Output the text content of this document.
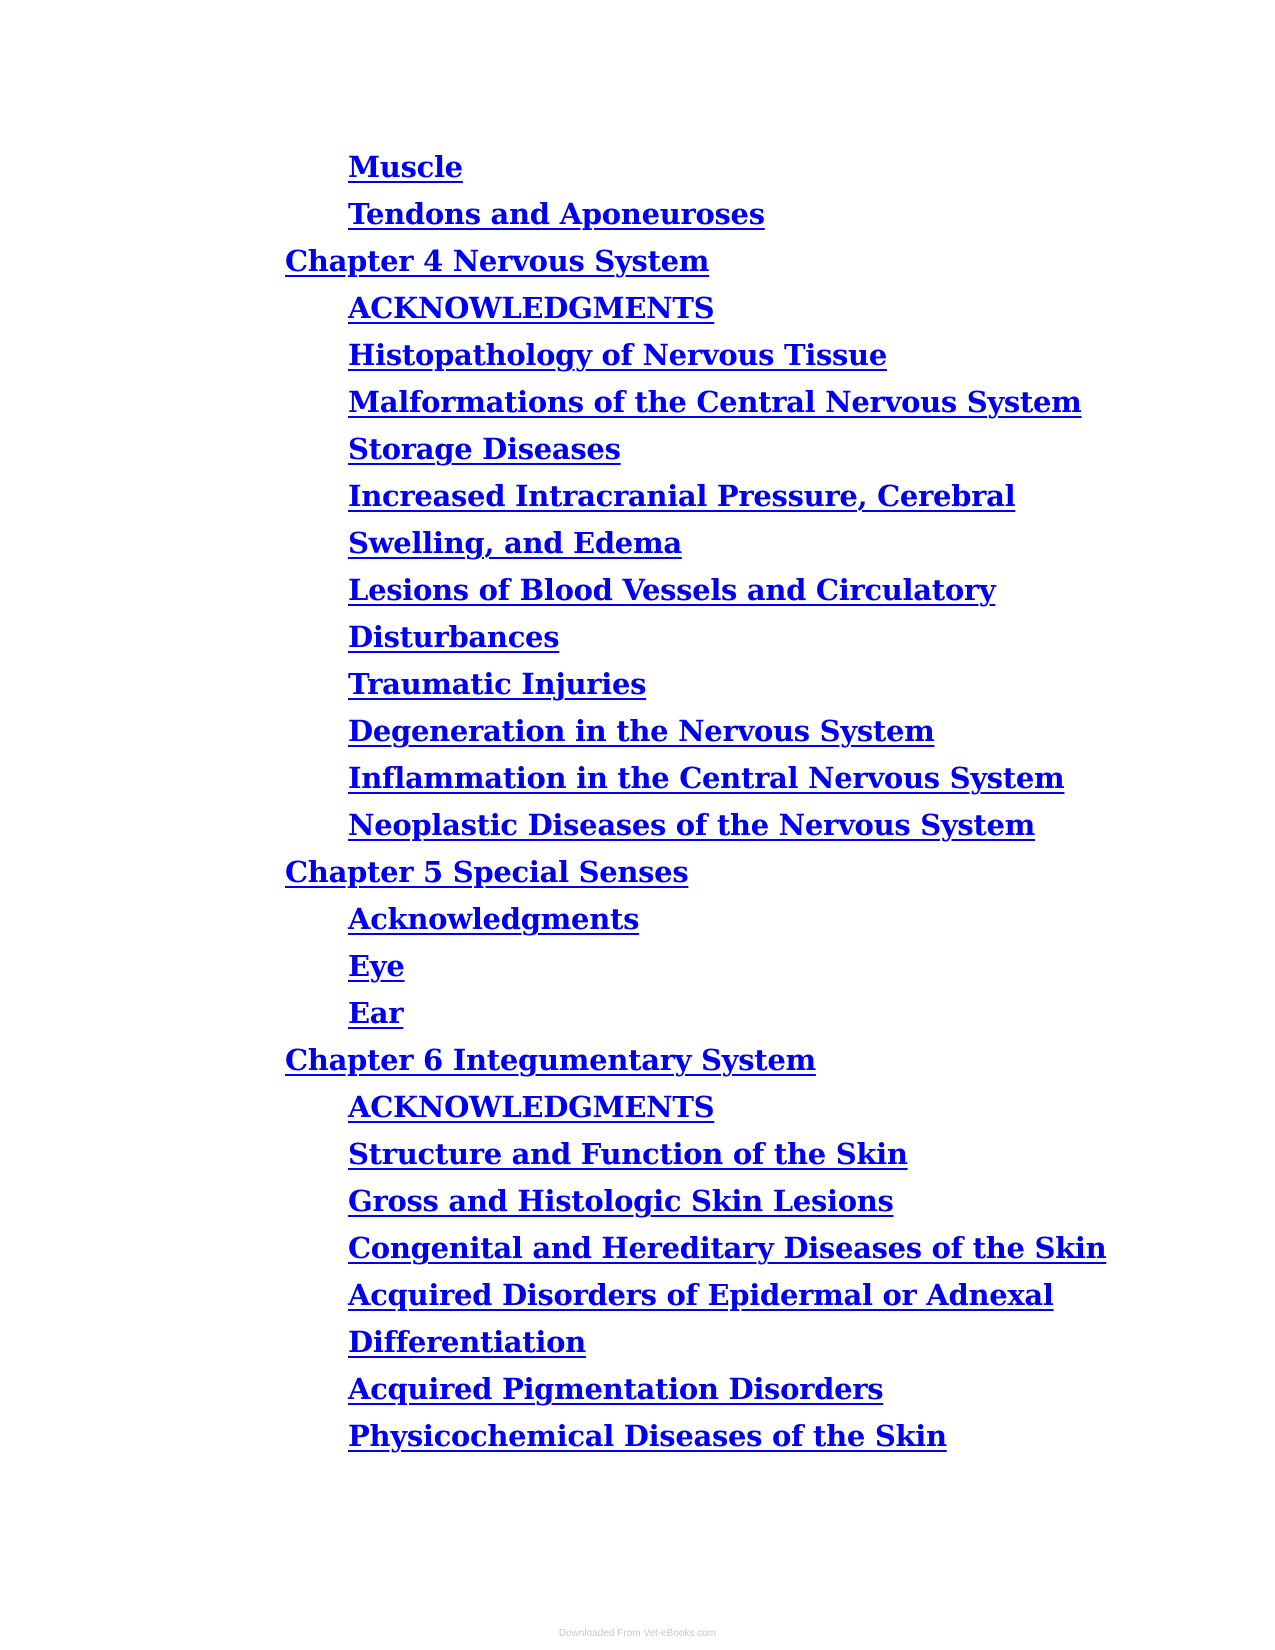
Muscle
Tendons and Aponeuroses
Chapter 4 Nervous System
ACKNOWLEDGMENTS
Histopathology of Nervous Tissue
Malformations of the Central Nervous System
Storage Diseases
Increased Intracranial Pressure, Cerebral
Swelling, and Edema
Lesions of Blood Vessels and Circulatory
Disturbances
Traumatic Injuries
Degeneration in the Nervous System
Inflammation in the Central Nervous System
Neoplastic Diseases of the Nervous System
Chapter 5 Special Senses
Acknowledgments
Eye
Ear
Chapter 6 Integumentary System
ACKNOWLEDGMENTS
Structure and Function of the Skin
Gross and Histologic Skin Lesions
Congenital and Hereditary Diseases of the Skin
Acquired Disorders of Epidermal or Adnexal
Differentiation
Acquired Pigmentation Disorders
Physicochemical Diseases of the Skin
Downloaded From Vet-eBooks.com
